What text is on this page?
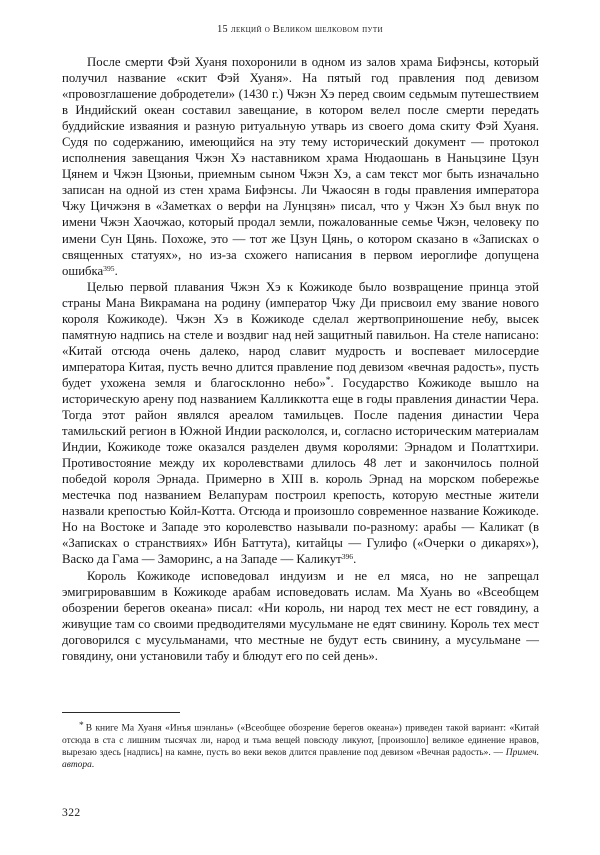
15 лекций о Великом шелковом пути

После смерти Фэй Хуаня похоронили в одном из залов храма Бифэнсы, который получил название «скит Фэй Хуаня». На пятый год правления под девизом «провозглашение добродетели» (1430 г.) Чжэн Хэ перед своим седьмым путешествием в Индийский океан составил завещание, в котором велел после смерти передать буддийские изваяния и разную ритуальную утварь из своего дома скиту Фэй Хуаня. Судя по содержанию, имеющийся на эту тему исторический документ — протокол исполнения завещания Чжэн Хэ наставником храма Нюдаошань в Наньцзине Цзун Цянем и Чжэн Цзюньи, приемным сыном Чжэн Хэ, а сам текст мог быть изначально записан на одной из стен храма Бифэнсы. Ли Чжаосян в годы правления императора Чжу Цичжэня в «Заметках о верфи на Лунцзян» писал, что у Чжэн Хэ был внук по имени Чжэн Хаочжао, который продал земли, пожалованные семье Чжэн, человеку по имени Сун Цянь. Похоже, это — тот же Цзун Цянь, о котором сказано в «Записках о священных статуях», но из-за схожего написания в первом иероглифе допущена ошибка$^{395}$.

Целью первой плавания Чжэн Хэ к Кожикоде было возвращение принца этой страны Мана Викрамана на родину (император Чжу Ди присвоил ему звание нового короля Кожикоде). Чжэн Хэ в Кожикоде сделал жертвоприношение небу, высек памятную надпись на стеле и воздвиг над ней защитный павильон. На стеле написано: «Китай отсюда очень далеко, народ славит мудрость и воспевает милосердие императора Китая, пусть вечно длится правление под девизом «вечная радость», пусть будет ухожена земля и благосклонно небо»*. Государство Кожикоде вышло на историческую арену под названием Калликкотта еще в годы правления династии Чера. Тогда этот район являлся ареалом тамильцев. После падения династии Чера тамильский регион в Южной Индии раскололся, и, согласно историческим материалам Индии, Кожикоде тоже оказался разделен двумя королями: Эрнадом и Полаттхири. Противостояние между их королевствами длилось 48 лет и закончилось полной победой короля Эрнада. Примерно в XIII в. король Эрнад на морском побережье местечка под названием Велапурам построил крепость, которую местные жители назвали крепостью Койл-Котта. Отсюда и произошло современное название Кожикоде. Но на Востоке и Западе это королевство называли по-разному: арабы — Каликат (в «Записках о странствиях» Ибн Баттута), китайцы — Гулифо («Очерки о дикарях»), Васко да Гама — Заморинс, а на Западе — Каликут$^{396}$.

Король Кожикоде исповедовал индуизм и не ел мяса, но не запрещал эмигрировавшим в Кожикоде арабам исповедовать ислам. Ма Хуань во «Всеобщем обозрении берегов океана» писал: «Ни король, ни народ тех мест не ест говядину, а живущие там со своими предводителями мусульмане не едят свинину. Король тех мест договорился с мусульманами, что местные не будут есть свинину, а мусульмане — говядину, они установили табу и блюдут его по сей день».

* В книге Ма Хуаня «Инъя шэнлань» («Всеобщее обозрение берегов океана») приведен такой вариант: «Китай отсюда в ста с лишним тысячах ли, народ и тьма вещей повсюду ликуют, [произошло] великое единение нравов, вырезаю здесь [надпись] на камне, пусть во веки веков длится правление под девизом «Вечная радость». — Примеч. автора.

322
